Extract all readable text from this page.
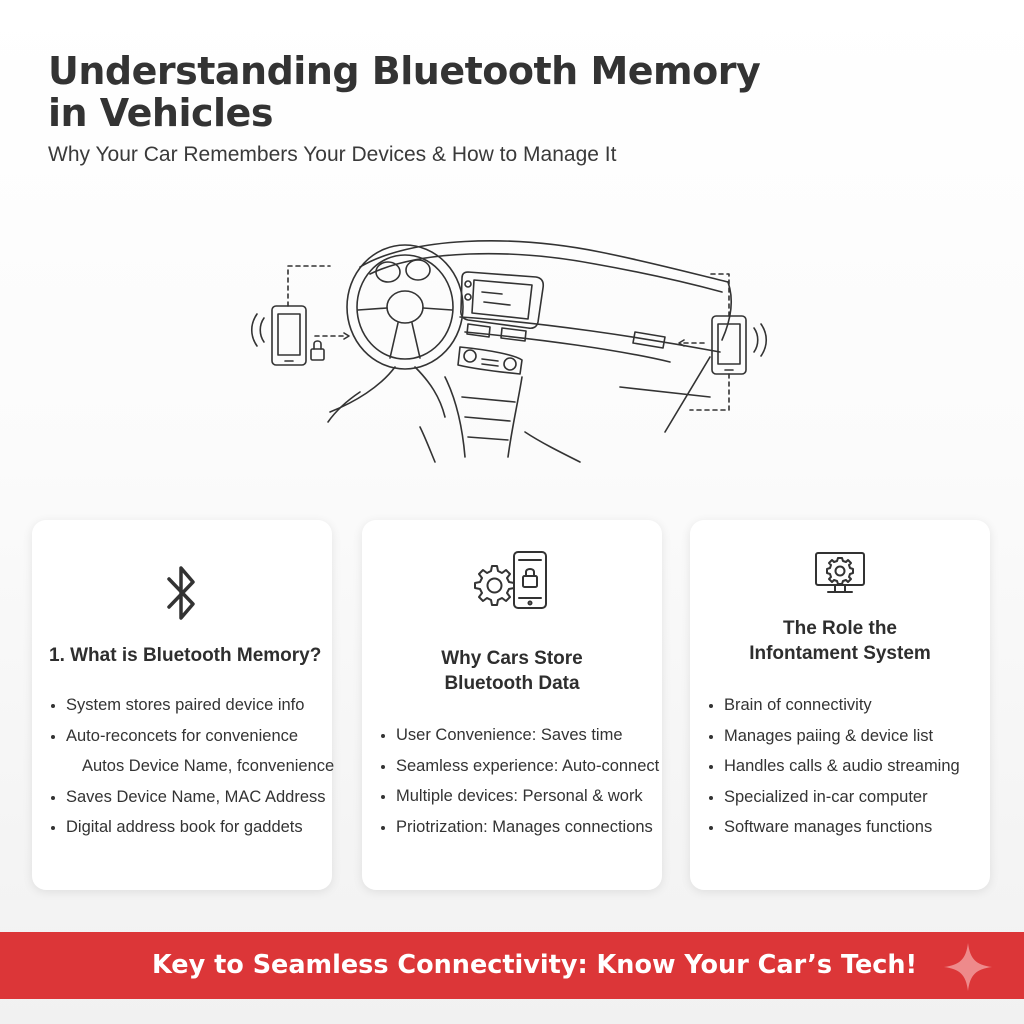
Understanding Bluetooth Memory in Vehicles

Why Your Car Remembers Your Devices & How to Manage It

1. What is Bluetooth Memory?
System stores paired device info
Auto-reconcets for convenience
Autos Device Name, fconvenience
Saves Device Name, MAC Address
Digital address book for gaddets
Why Cars Store
Bluetooth Data
User Convenience: Saves time
Seamless experience: Auto-connect
Multiple devices: Personal & work
Priotrization: Manages connections
The Role the
Infontament System
Brain of connectivity
Manages paiing & device list
Handles calls & audio streaming
Specialized in-car computer
Software manages functions

Key to Seamless Connectivity: Know Your Car’s Tech!
